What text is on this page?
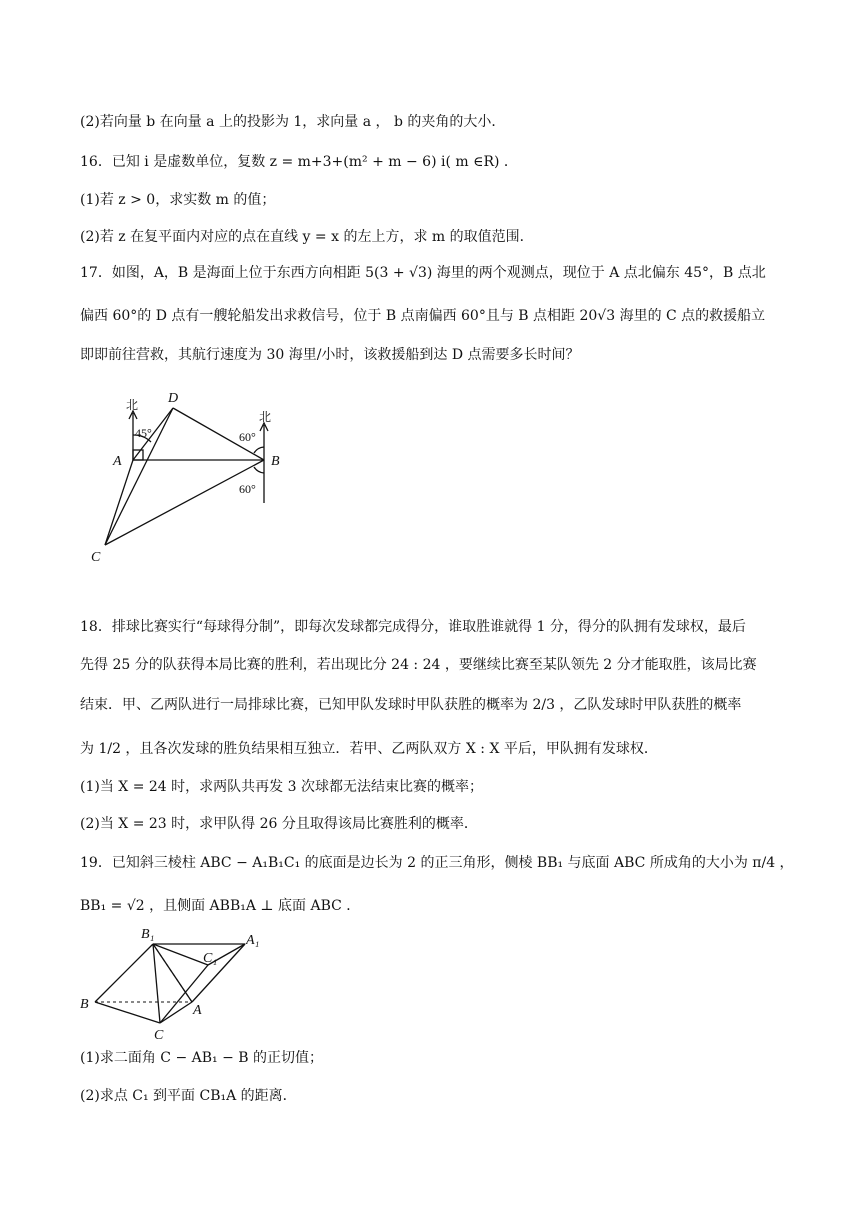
(2)若向量 b 在向量 a 上的投影为 1，求向量 a ， b 的夹角的大小．
16．已知 i 是虚数单位，复数 z = m+3+(m² + m − 6) i( m ∈R) ．
(1)若 z > 0，求实数 m 的值；
(2)若 z 在复平面内对应的点在直线 y = x 的左上方，求 m 的取值范围．
17．如图，A，B 是海面上位于东西方向相距 5(3 + √3) 海里的两个观测点，现位于 A 点北偏东 45°，B 点北
偏西 60°的 D 点有一艘轮船发出求救信号，位于 B 点南偏西 60°且与 B 点相距 20√3 海里的 C 点的救援船立
即即前往营救，其航行速度为 30 海里/小时，该救援船到达 D 点需要多长时间？
D
A	B
C
北
北
45°	60°
60°
18．排球比赛实行“每球得分制”，即每次发球都完成得分，谁取胜谁就得 1 分，得分的队拥有发球权，最后
先得 25 分的队获得本局比赛的胜利，若出现比分 24 : 24 ，要继续比赛至某队领先 2 分才能取胜，该局比赛
结束．甲、乙两队进行一局排球比赛，已知甲队发球时甲队获胜的概率为 2/3 ，乙队发球时甲队获胜的概率
为 1/2 ，且各次发球的胜负结果相互独立．若甲、乙两队双方 X : X 平后，甲队拥有发球权．
(1)当 X = 24 时，求两队共再发 3 次球都无法结束比赛的概率；
(2)当 X = 23 时，求甲队得 26 分且取得该局比赛胜利的概率．
19．已知斜三棱柱 ABC − A₁B₁C₁ 的底面是边长为 2 的正三角形，侧棱 BB₁ 与底面 ABC 所成角的大小为 π/4 ，
BB₁ = √2 ，且侧面 ABB₁A ⊥ 底面 ABC ．
B₁
C₁
A₁
B	A
C
(1)求二面角 C − AB₁ − B 的正切值；
(2)求点 C₁ 到平面 CB₁A 的距离．
